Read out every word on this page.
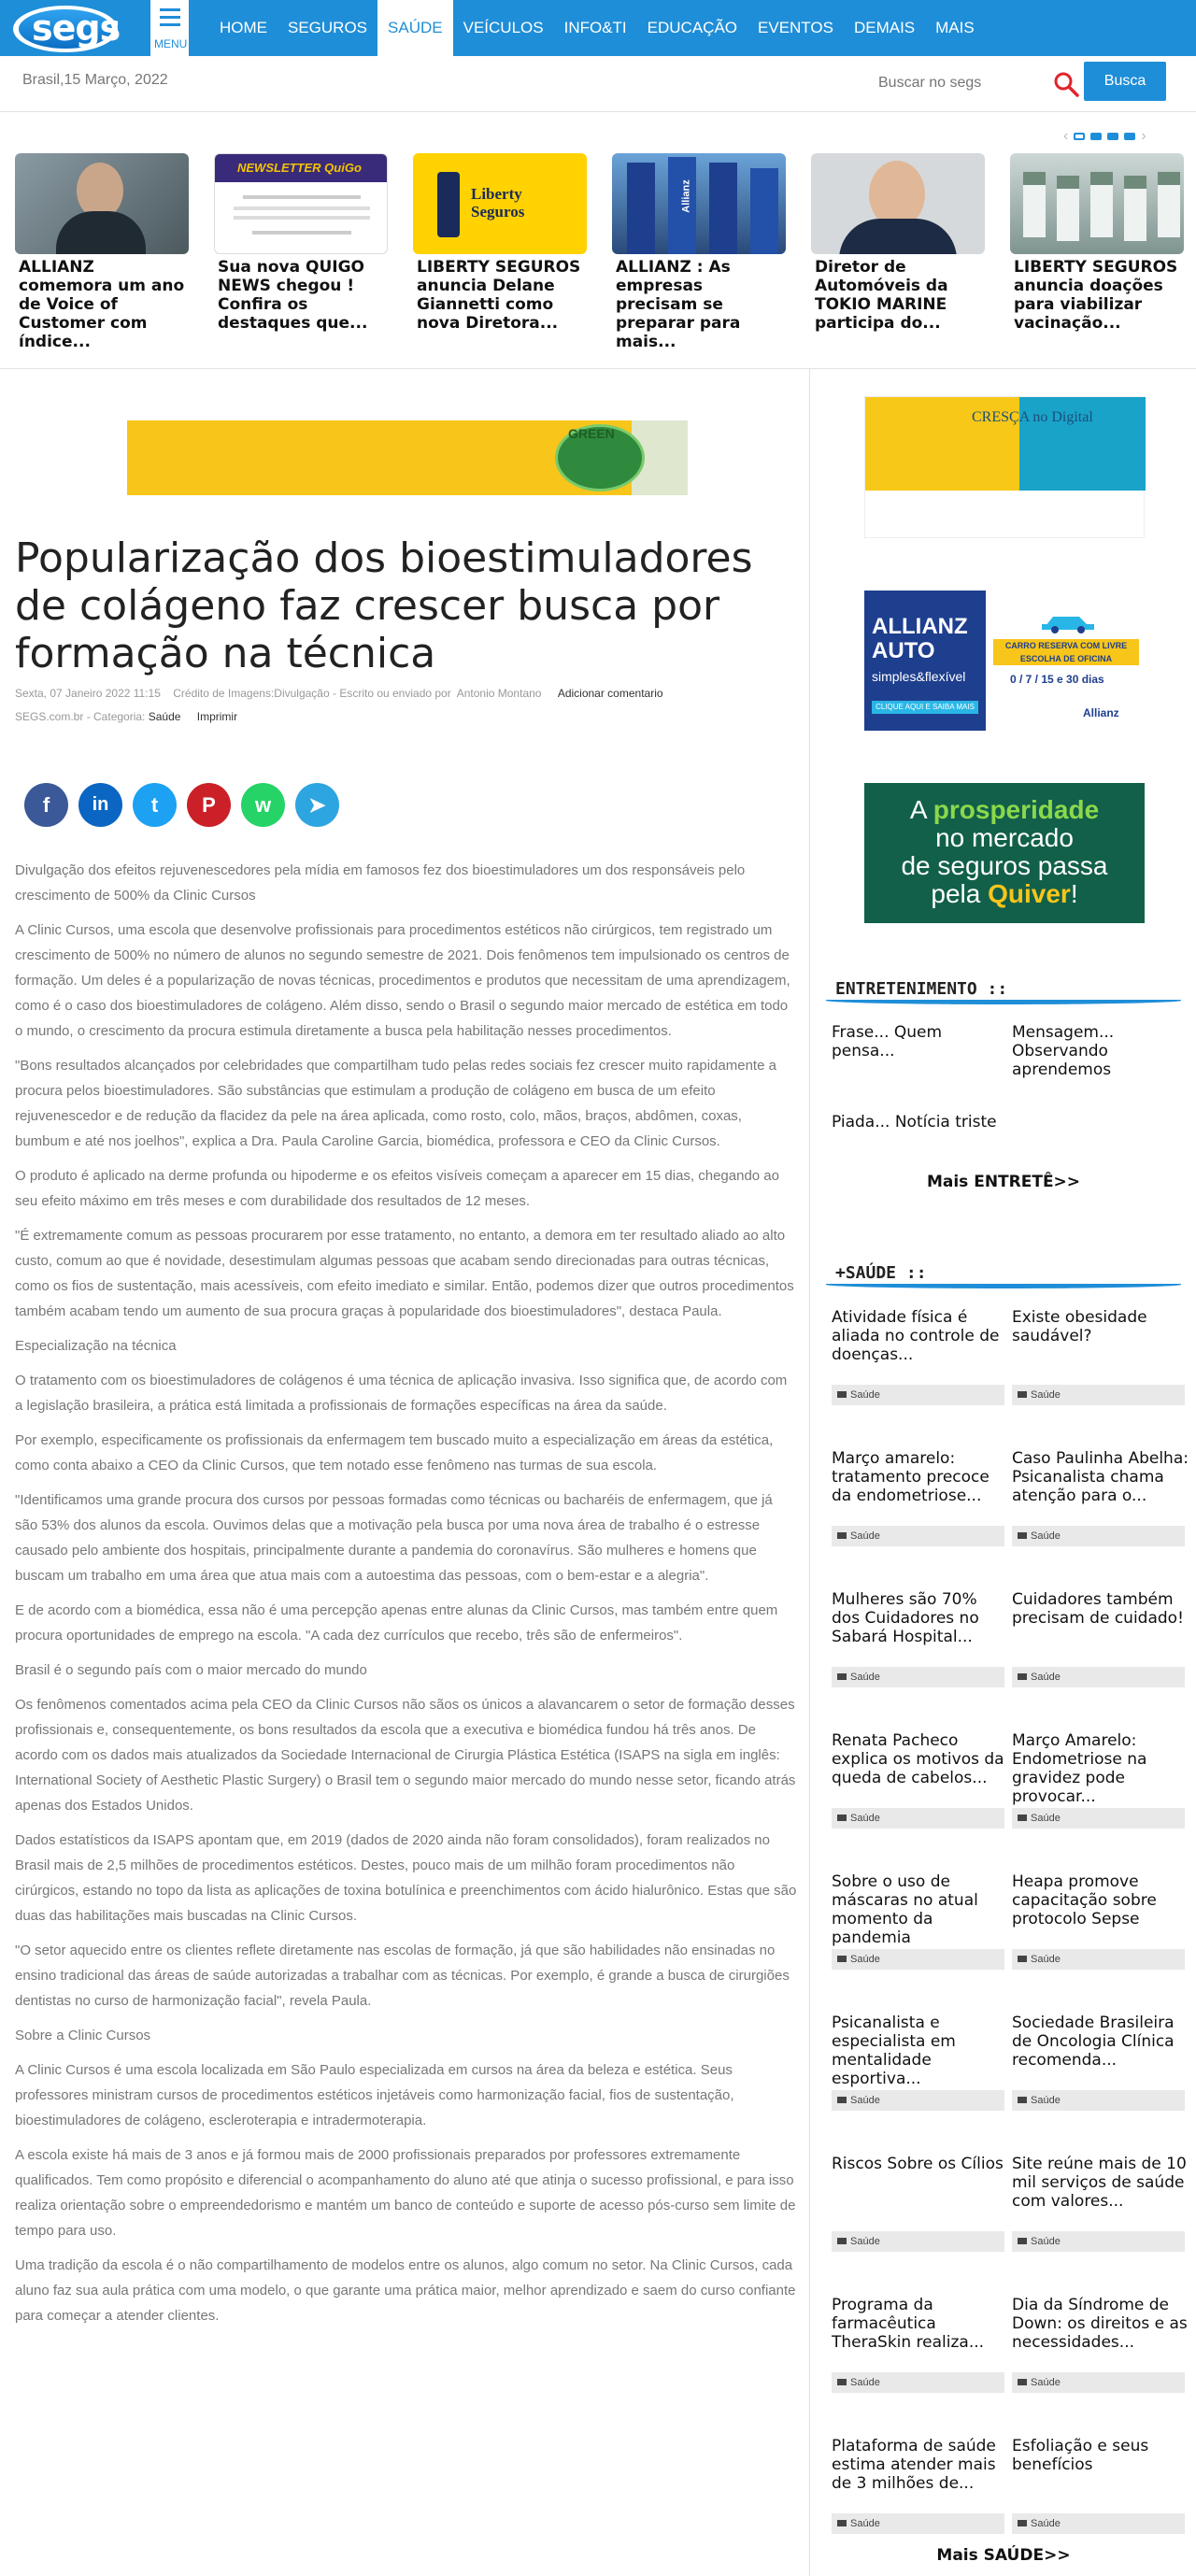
segs	MENU
HOME	SEGUROS	SAÚDE	VEÍCULOS	INFO&TI	EDUCAÇÃO	EVENTOS	DEMAIS	MAIS
Brasil,15 Março, 2022
Buscar no segs	Busca
‹	›
ALLIANZ comemora um ano de Voice of Customer com índice...
NEWSLETTER QuiGo
Sua nova QUIGO NEWS chegou ! Confira os destaques que...
Liberty Seguros
LIBERTY SEGUROS anuncia Delane Giannetti como nova Diretora...
Allianz
ALLIANZ : As empresas precisam se preparar para mais...
Diretor de Automóveis da TOKIO MARINE participa do...
LIBERTY SEGUROS anuncia doações para viabilizar vacinação...
GREEN
Popularização dos bioestimuladores de colágeno faz crescer busca por formação na técnica
Sexta, 07 Janeiro 2022 11:15    Crédito de Imagens:Divulgação - Escrito ou enviado por  Antonio Montano Adicionar comentario
SEGS.com.br - Categoria: Saúde Imprimir
f	in	t	P	w	➤

Divulgação dos efeitos rejuvenescedores pela mídia em famosos fez dos bioestimuladores um dos responsáveis pelo crescimento de 500% da Clinic Cursos

A Clinic Cursos, uma escola que desenvolve profissionais para procedimentos estéticos não cirúrgicos, tem registrado um crescimento de 500% no número de alunos no segundo semestre de 2021. Dois fenômenos tem impulsionado os centros de formação. Um deles é a popularização de novas técnicas, procedimentos e produtos que necessitam de uma aprendizagem, como é o caso dos bioestimuladores de colágeno. Além disso, sendo o Brasil o segundo maior mercado de estética em todo o mundo, o crescimento da procura estimula diretamente a busca pela habilitação nesses procedimentos.

"Bons resultados alcançados por celebridades que compartilham tudo pelas redes sociais fez crescer muito rapidamente a procura pelos bioestimuladores. São substâncias que estimulam a produção de colágeno em busca de um efeito rejuvenescedor e de redução da flacidez da pele na área aplicada, como rosto, colo, mãos, braços, abdômen, coxas, bumbum e até nos joelhos", explica a Dra. Paula Caroline Garcia, biomédica, professora e CEO da Clinic Cursos.

O produto é aplicado na derme profunda ou hipoderme e os efeitos visíveis começam a aparecer em 15 dias, chegando ao seu efeito máximo em três meses e com durabilidade dos resultados de 12 meses.

"É extremamente comum as pessoas procurarem por esse tratamento, no entanto, a demora em ter resultado aliado ao alto custo, comum ao que é novidade, desestimulam algumas pessoas que acabam sendo direcionadas para outras técnicas, como os fios de sustentação, mais acessíveis, com efeito imediato e similar. Então, podemos dizer que outros procedimentos também acabam tendo um aumento de sua procura graças à popularidade dos bioestimuladores", destaca Paula.

Especialização na técnica

O tratamento com os bioestimuladores de colágenos é uma técnica de aplicação invasiva. Isso significa que, de acordo com a legislação brasileira, a prática está limitada a profissionais de formações específicas na área da saúde.

Por exemplo, especificamente os profissionais da enfermagem tem buscado muito a especialização em áreas da estética, como conta abaixo a CEO da Clinic Cursos, que tem notado esse fenômeno nas turmas de sua escola.

"Identificamos uma grande procura dos cursos por pessoas formadas como técnicas ou bacharéis de enfermagem, que já são 53% dos alunos da escola. Ouvimos delas que a motivação pela busca por uma nova área de trabalho é o estresse causado pelo ambiente dos hospitais, principalmente durante a pandemia do coronavírus. São mulheres e homens que buscam um trabalho em uma área que atua mais com a autoestima das pessoas, com o bem-estar e a alegria".

E de acordo com a biomédica, essa não é uma percepção apenas entre alunas da Clinic Cursos, mas também entre quem procura oportunidades de emprego na escola. "A cada dez currículos que recebo, três são de enfermeiros".

Brasil é o segundo país com o maior mercado do mundo

Os fenômenos comentados acima pela CEO da Clinic Cursos não sãos os únicos a alavancarem o setor de formação desses profissionais e, consequentemente, os bons resultados da escola que a executiva e biomédica fundou há três anos. De acordo com os dados mais atualizados da Sociedade Internacional de Cirurgia Plástica Estética (ISAPS na sigla em inglês: International Society of Aesthetic Plastic Surgery) o Brasil tem o segundo maior mercado do mundo nesse setor, ficando atrás apenas dos Estados Unidos.

Dados estatísticos da ISAPS apontam que, em 2019 (dados de 2020 ainda não foram consolidados), foram realizados no Brasil mais de 2,5 milhões de procedimentos estéticos. Destes, pouco mais de um milhão foram procedimentos não cirúrgicos, estando no topo da lista as aplicações de toxina botulínica e preenchimentos com ácido hialurônico. Estas que são duas das habilitações mais buscadas na Clinic Cursos.

"O setor aquecido entre os clientes reflete diretamente nas escolas de formação, já que são habilidades não ensinadas no ensino tradicional das áreas de saúde autorizadas a trabalhar com as técnicas. Por exemplo, é grande a busca de cirurgiões dentistas no curso de harmonização facial", revela Paula.

Sobre a Clinic Cursos

A Clinic Cursos é uma escola localizada em São Paulo especializada em cursos na área da beleza e estética. Seus professores ministram cursos de procedimentos estéticos injetáveis como harmonização facial, fios de sustentação, bioestimuladores de colágeno, escleroterapia e intradermoterapia.

A escola existe há mais de 3 anos e já formou mais de 2000 profissionais preparados por professores extremamente qualificados. Tem como propósito e diferencial o acompanhamento do aluno até que atinja o sucesso profissional, e para isso realiza orientação sobre o empreendedorismo e mantém um banco de conteúdo e suporte de acesso pós-curso sem limite de tempo para uso.

Uma tradição da escola é o não compartilhamento de modelos entre os alunos, algo comum no setor. Na Clinic Cursos, cada aluno faz sua aula prática com uma modelo, o que garante uma prática maior, melhor aprendizado e saem do curso confiante para começar a atender clientes.

CRESÇA no Digital
ALLIANZ AUTO
simples&flexível
CLIQUE AQUI E SAIBA MAIS
CARRO RESERVA COM LIVRE ESCOLHA DE OFICINA
0 / 7 / 15 e 30 dias
Allianz
A prosperidade
no mercado
de seguros passa
pela Quiver!
ENTRETENIMENTO ::
Frase... Quem pensa...
Mensagem... Observando aprendemos
Piada... Notícia triste
Mais ENTRETÊ>>
+SAÚDE ::
Atividade física é aliada no controle de doenças...
Saúde
Existe obesidade saudável?
Saúde
Março amarelo: tratamento precoce da endometriose...
Saúde
Caso Paulinha Abelha: Psicanalista chama atenção para o...
Saúde
Mulheres são 70% dos Cuidadores no Sabará Hospital...
Saúde
Cuidadores também precisam de cuidado!
Saúde
Renata Pacheco explica os motivos da queda de cabelos...
Saúde
Março Amarelo: Endometriose na gravidez pode provocar...
Saúde
Sobre o uso de máscaras no atual momento da pandemia
Saúde
Heapa promove capacitação sobre protocolo Sepse
Saúde
Psicanalista e especialista em mentalidade esportiva...
Saúde
Sociedade Brasileira de Oncologia Clínica recomenda...
Saúde
Riscos Sobre os Cílios
Saúde
Site reúne mais de 10 mil serviços de saúde com valores...
Saúde
Programa da farmacêutica TheraSkin realiza...
Saúde
Dia da Síndrome de Down: os direitos e as necessidades...
Saúde
Plataforma de saúde estima atender mais de 3 milhões de...
Saúde
Esfoliação e seus benefícios
Saúde
Mais SAÚDE>>
